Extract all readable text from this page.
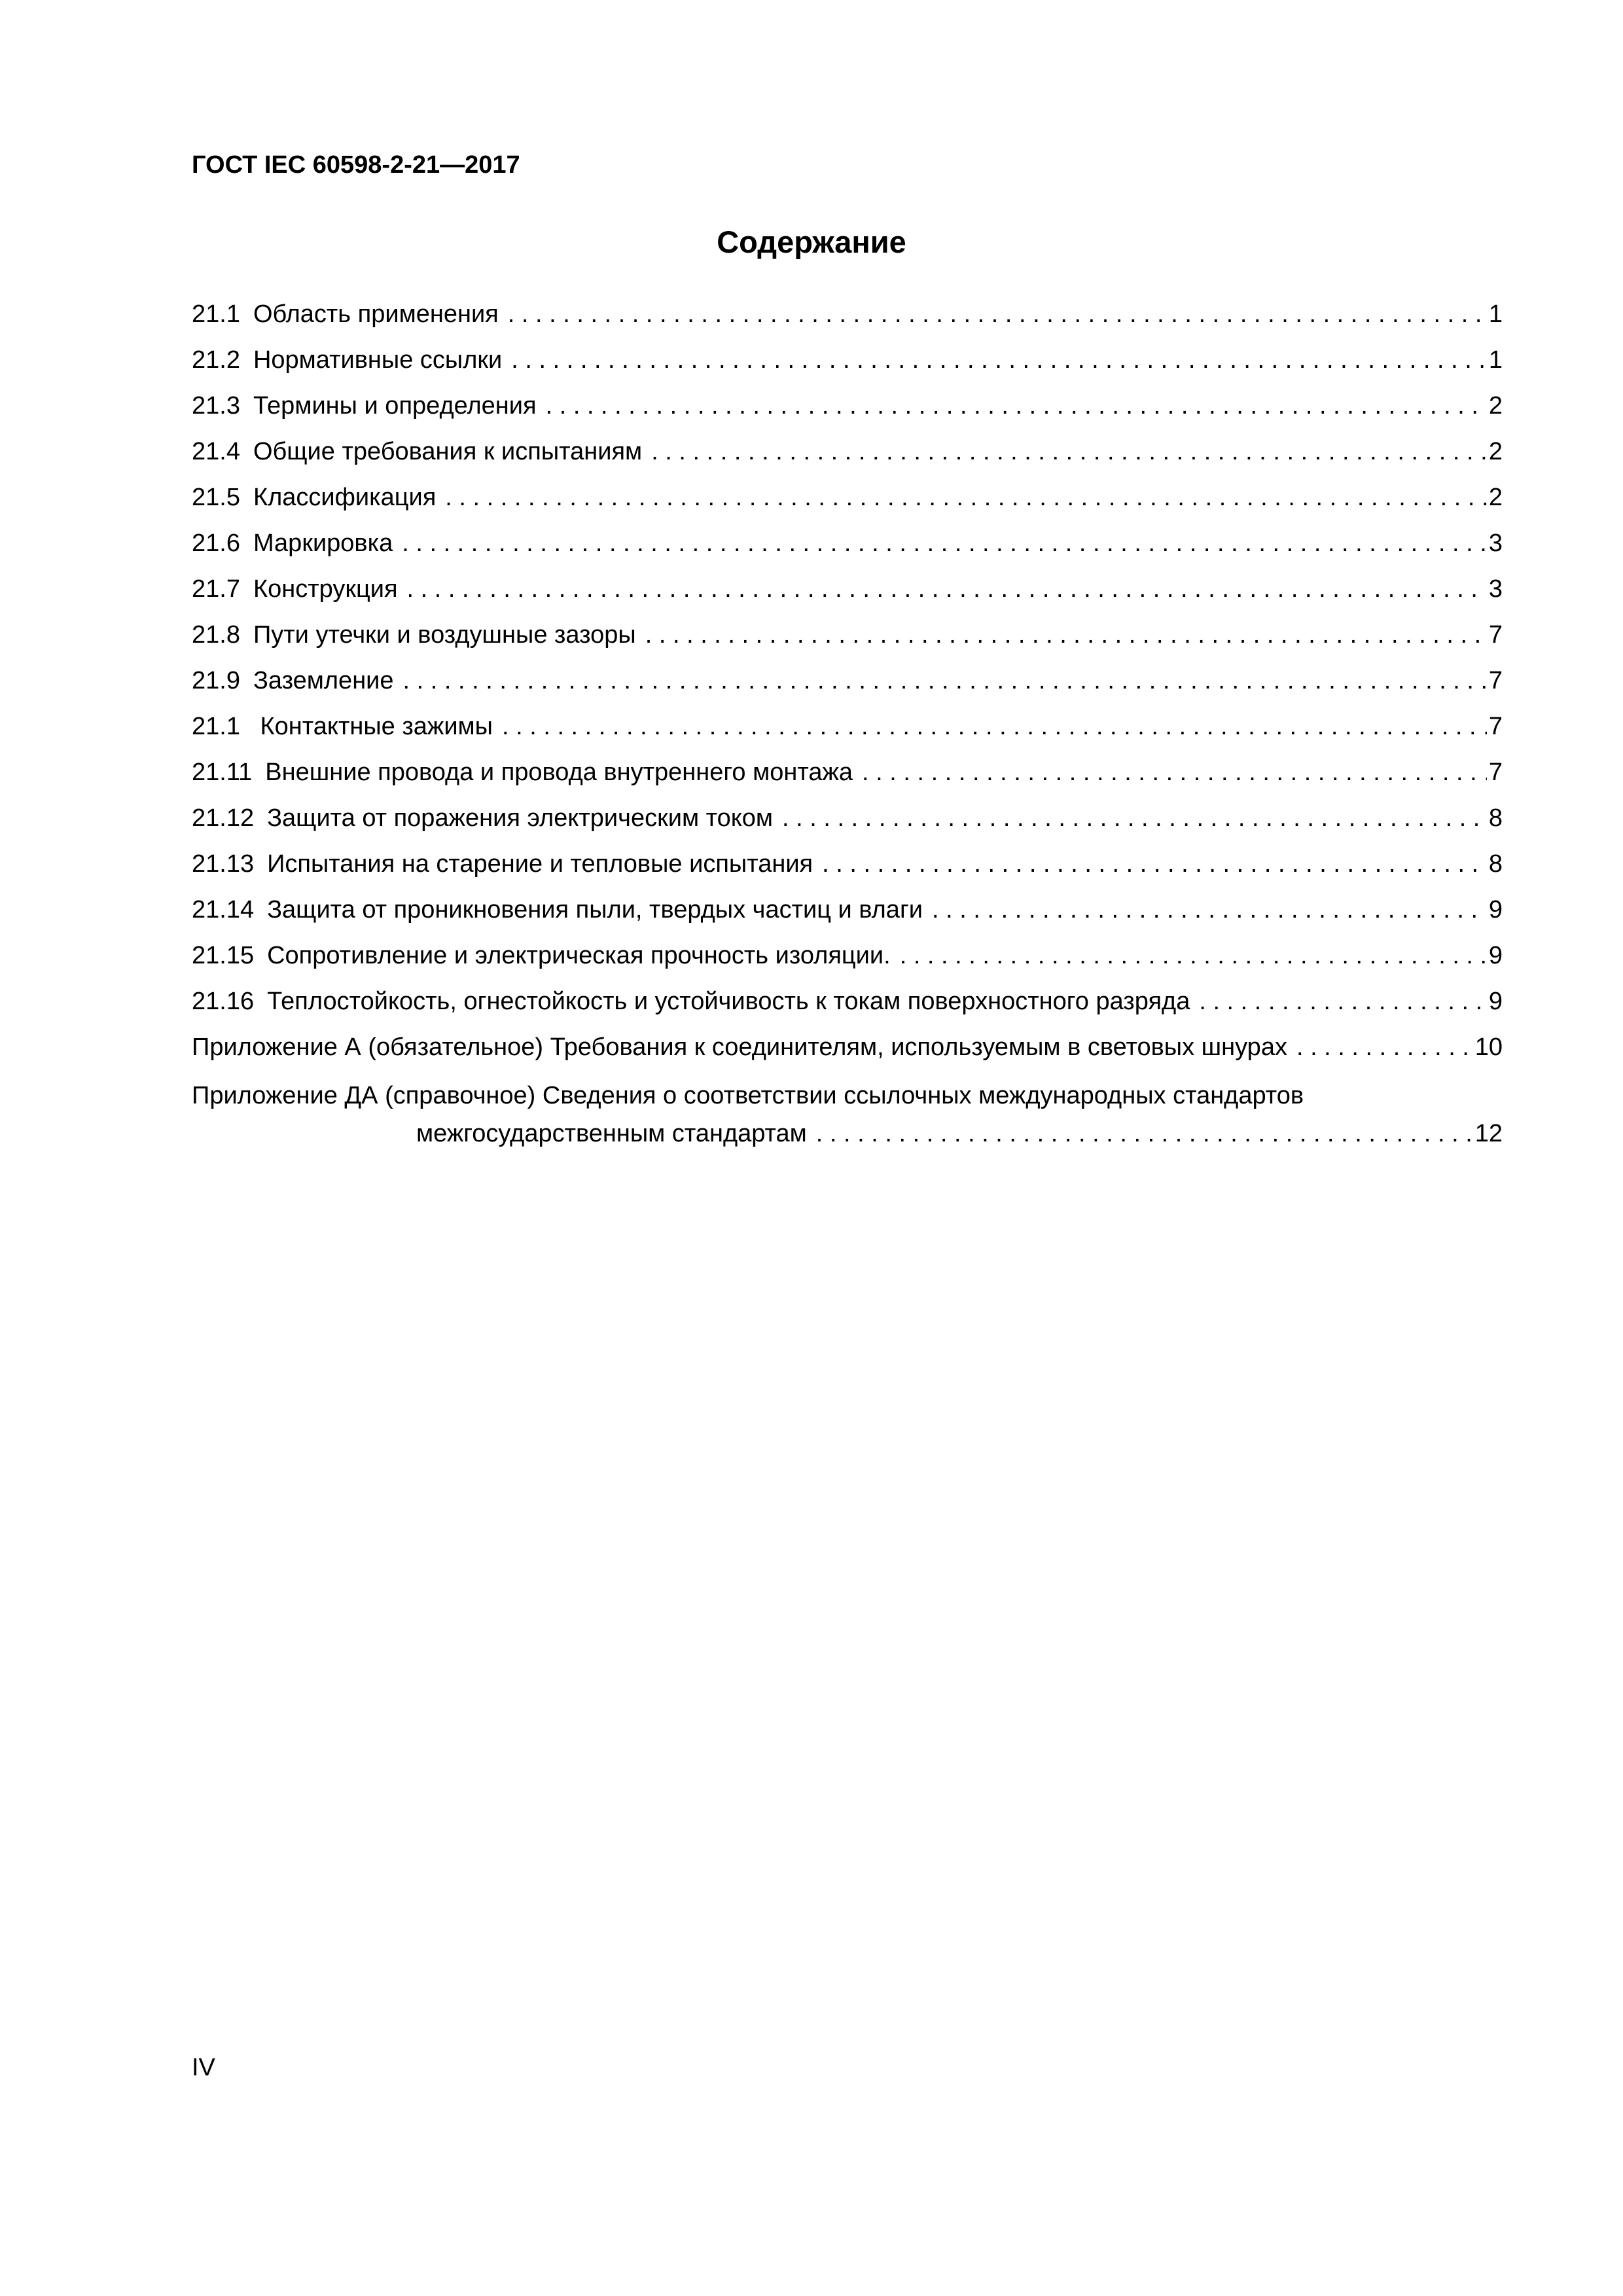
ГОСТ IEC 60598-2-21—2017
Содержание
21.1 Область применения . . .	1
21.2 Нормативные ссылки . . .	1
21.3 Термины и определения . . .	2
21.4 Общие требования к испытаниям . . .	2
21.5 Классификация . . .	2
21.6 Маркировка . . .	3
21.7 Конструкция . . .	3
21.8 Пути утечки и воздушные зазоры . . .	7
21.9 Заземление . . .	7
21.1 Контактные зажимы . . .	7
21.11 Внешние провода и провода внутреннего монтажа . . .	7
21.12 Защита от поражения электрическим током . . .	8
21.13 Испытания на старение и тепловые испытания . . .	8
21.14 Защита от проникновения пыли, твердых частиц и влаги . . .	9
21.15 Сопротивление и электрическая прочность изоляции. . . .	9
21.16 Теплостойкость, огнестойкость и устойчивость к токам поверхностного разряда . . .	9
Приложение А (обязательное) Требования к соединителям, используемым в световых шнурах . . .	10
Приложение ДА (справочное) Сведения о соответствии ссылочных международных стандартов
межгосударственным стандартам . . .	12
IV
